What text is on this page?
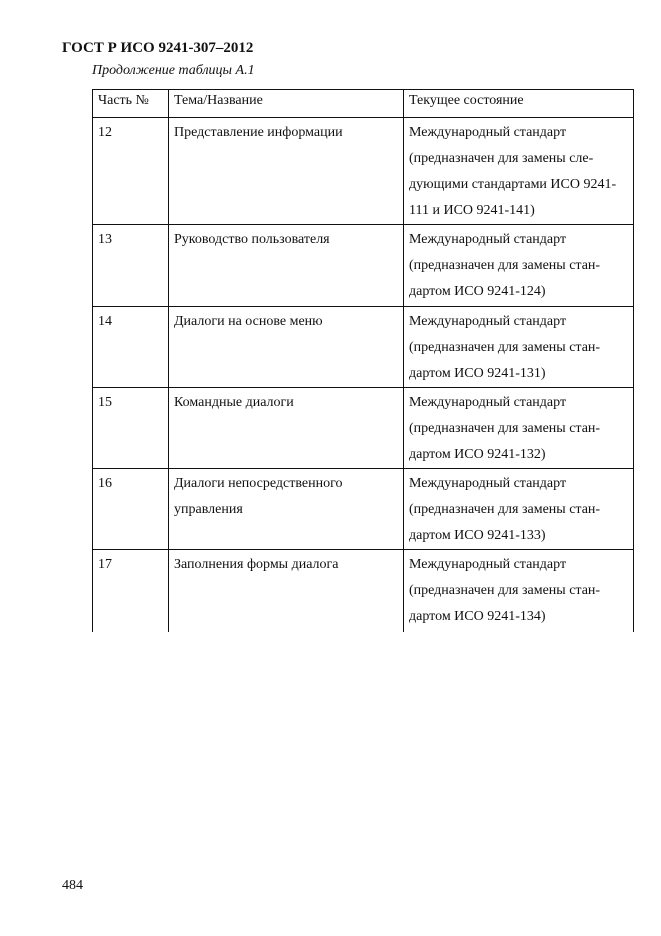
ГОСТ Р ИСО 9241-307–2012
Продолжение таблицы А.1
Часть №	Тема/Название	Текущее состояние
12	Представление информации	Международный стандарт (предназначен для замены сле-дующими стандартами ИСО 9241-111 и ИСО 9241-141)
13	Руководство пользователя	Международный стандарт (предназначен для замены стан-дартом ИСО 9241-124)
14	Диалоги на основе меню	Международный стандарт (предназначен для замены стан-дартом ИСО 9241-131)
15	Командные диалоги	Международный стандарт (предназначен для замены стан-дартом ИСО 9241-132)
16	Диалоги непосредственного управления	Международный стандарт (предназначен для замены стан-дартом ИСО 9241-133)
17	Заполнения формы диалога	Международный стандарт (предназначен для замены стан-дартом ИСО 9241-134)
484
